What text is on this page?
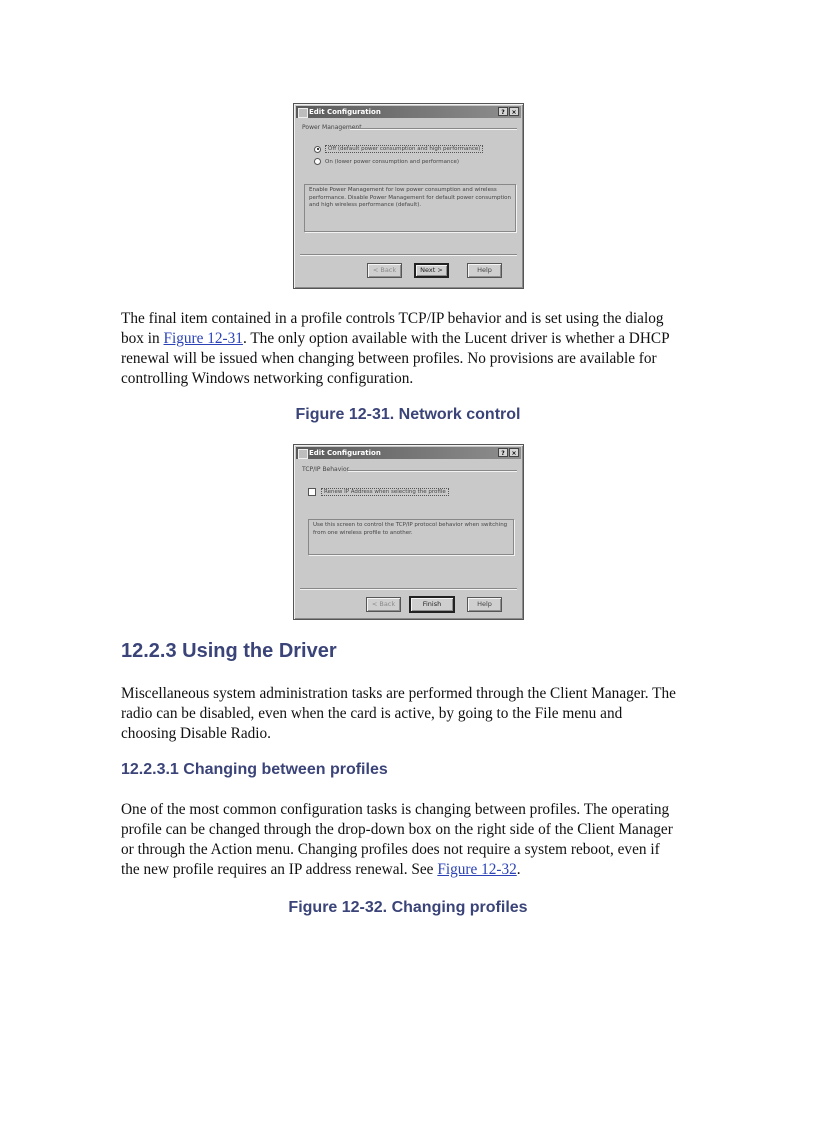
Edit Configuration	?	×
Power Management
Off (default power consumption and high performance)
On (lower power consumption and performance)
Enable Power Management for low power consumption and wireless performance. Disable Power Management for default power consumption and high wireless performance (default).
< Back	Next >	Help

The final item contained in a profile controls TCP/IP behavior and is set using the dialog box in Figure 12-31. The only option available with the Lucent driver is whether a DHCP renewal will be issued when changing between profiles. No provisions are available for controlling Windows networking configuration.

Figure 12-31. Network control

Edit Configuration	?	×
TCP/IP Behavior
Renew IP Address when selecting the profile
Use this screen to control the TCP/IP protocol behavior when switching from one wireless profile to another.
< Back	Finish	Help
12.2.3 Using the Driver

Miscellaneous system administration tasks are performed through the Client Manager. The radio can be disabled, even when the card is active, by going to the File menu and choosing Disable Radio.

12.2.3.1 Changing between profiles

One of the most common configuration tasks is changing between profiles. The operating profile can be changed through the drop-down box on the right side of the Client Manager or through the Action menu. Changing profiles does not require a system reboot, even if the new profile requires an IP address renewal. See Figure 12-32.

Figure 12-32. Changing profiles
